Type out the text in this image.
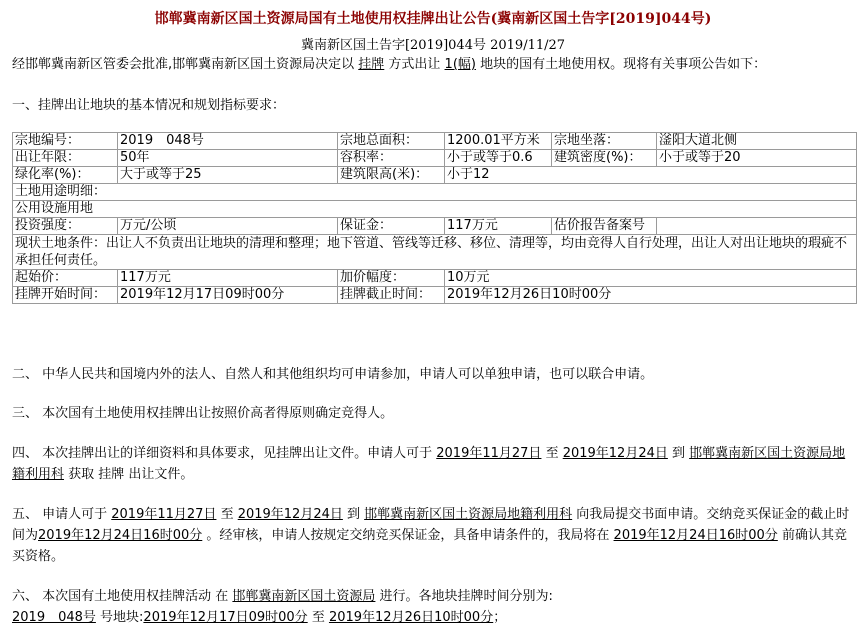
邯郸冀南新区国土资源局国有土地使用权挂牌出让公告(冀南新区国土告字[2019]044号)
冀南新区国土告字[2019]044号 2019/11/27
经邯郸冀南新区管委会批准,邯郸冀南新区国土资源局决定以 挂牌 方式出让 1(幅) 地块的国有土地使用权。现将有关事项公告如下：
一、挂牌出让地块的基本情况和规划指标要求：
宗地编号：	2019　048号	宗地总面积：	1200.01平方米	宗地坐落：	滏阳大道北侧
出让年限：	50年	容积率：	小于或等于0.6	建筑密度(%)：	小于或等于20
绿化率(%)：	大于或等于25	建筑限高(米)：	小于12		
土地用途明细：					
公用设施用地					
投资强度：	万元/公顷	保证金：	117万元	估价报告备案号	
现状土地条件：出让人不负责出让地块的清理和整理；地下管道、管线等迁移、移位、清理等，均由竞得人自行处理，出让人对出让地块的瑕疵不承担任何责任。					
起始价：	117万元	加价幅度：	10万元		
挂牌开始时间：	2019年12月17日09时00分	挂牌截止时间：	2019年12月26日10时00分		
二、 中华人民共和国境内外的法人、自然人和其他组织均可申请参加，申请人可以单独申请，也可以联合申请。
三、 本次国有土地使用权挂牌出让按照价高者得原则确定竞得人。
四、 本次挂牌出让的详细资料和具体要求，见挂牌出让文件。申请人可于 2019年11月27日 至 2019年12月24日 到 邯郸冀南新区国土资源局地籍利用科 获取 挂牌 出让文件。
五、 申请人可于 2019年11月27日 至 2019年12月24日 到 邯郸冀南新区国土资源局地籍利用科 向我局提交书面申请。交纳竞买保证金的截止时间为2019年12月24日16时00分 。经审核，申请人按规定交纳竞买保证金，具备申请条件的，我局将在 2019年12月24日16时00分 前确认其竞买资格。
六、 本次国有土地使用权挂牌活动 在 邯郸冀南新区国土资源局 进行。各地块挂牌时间分别为:
2019　048号 号地块:2019年12月17日09时00分 至 2019年12月26日10时00分；
